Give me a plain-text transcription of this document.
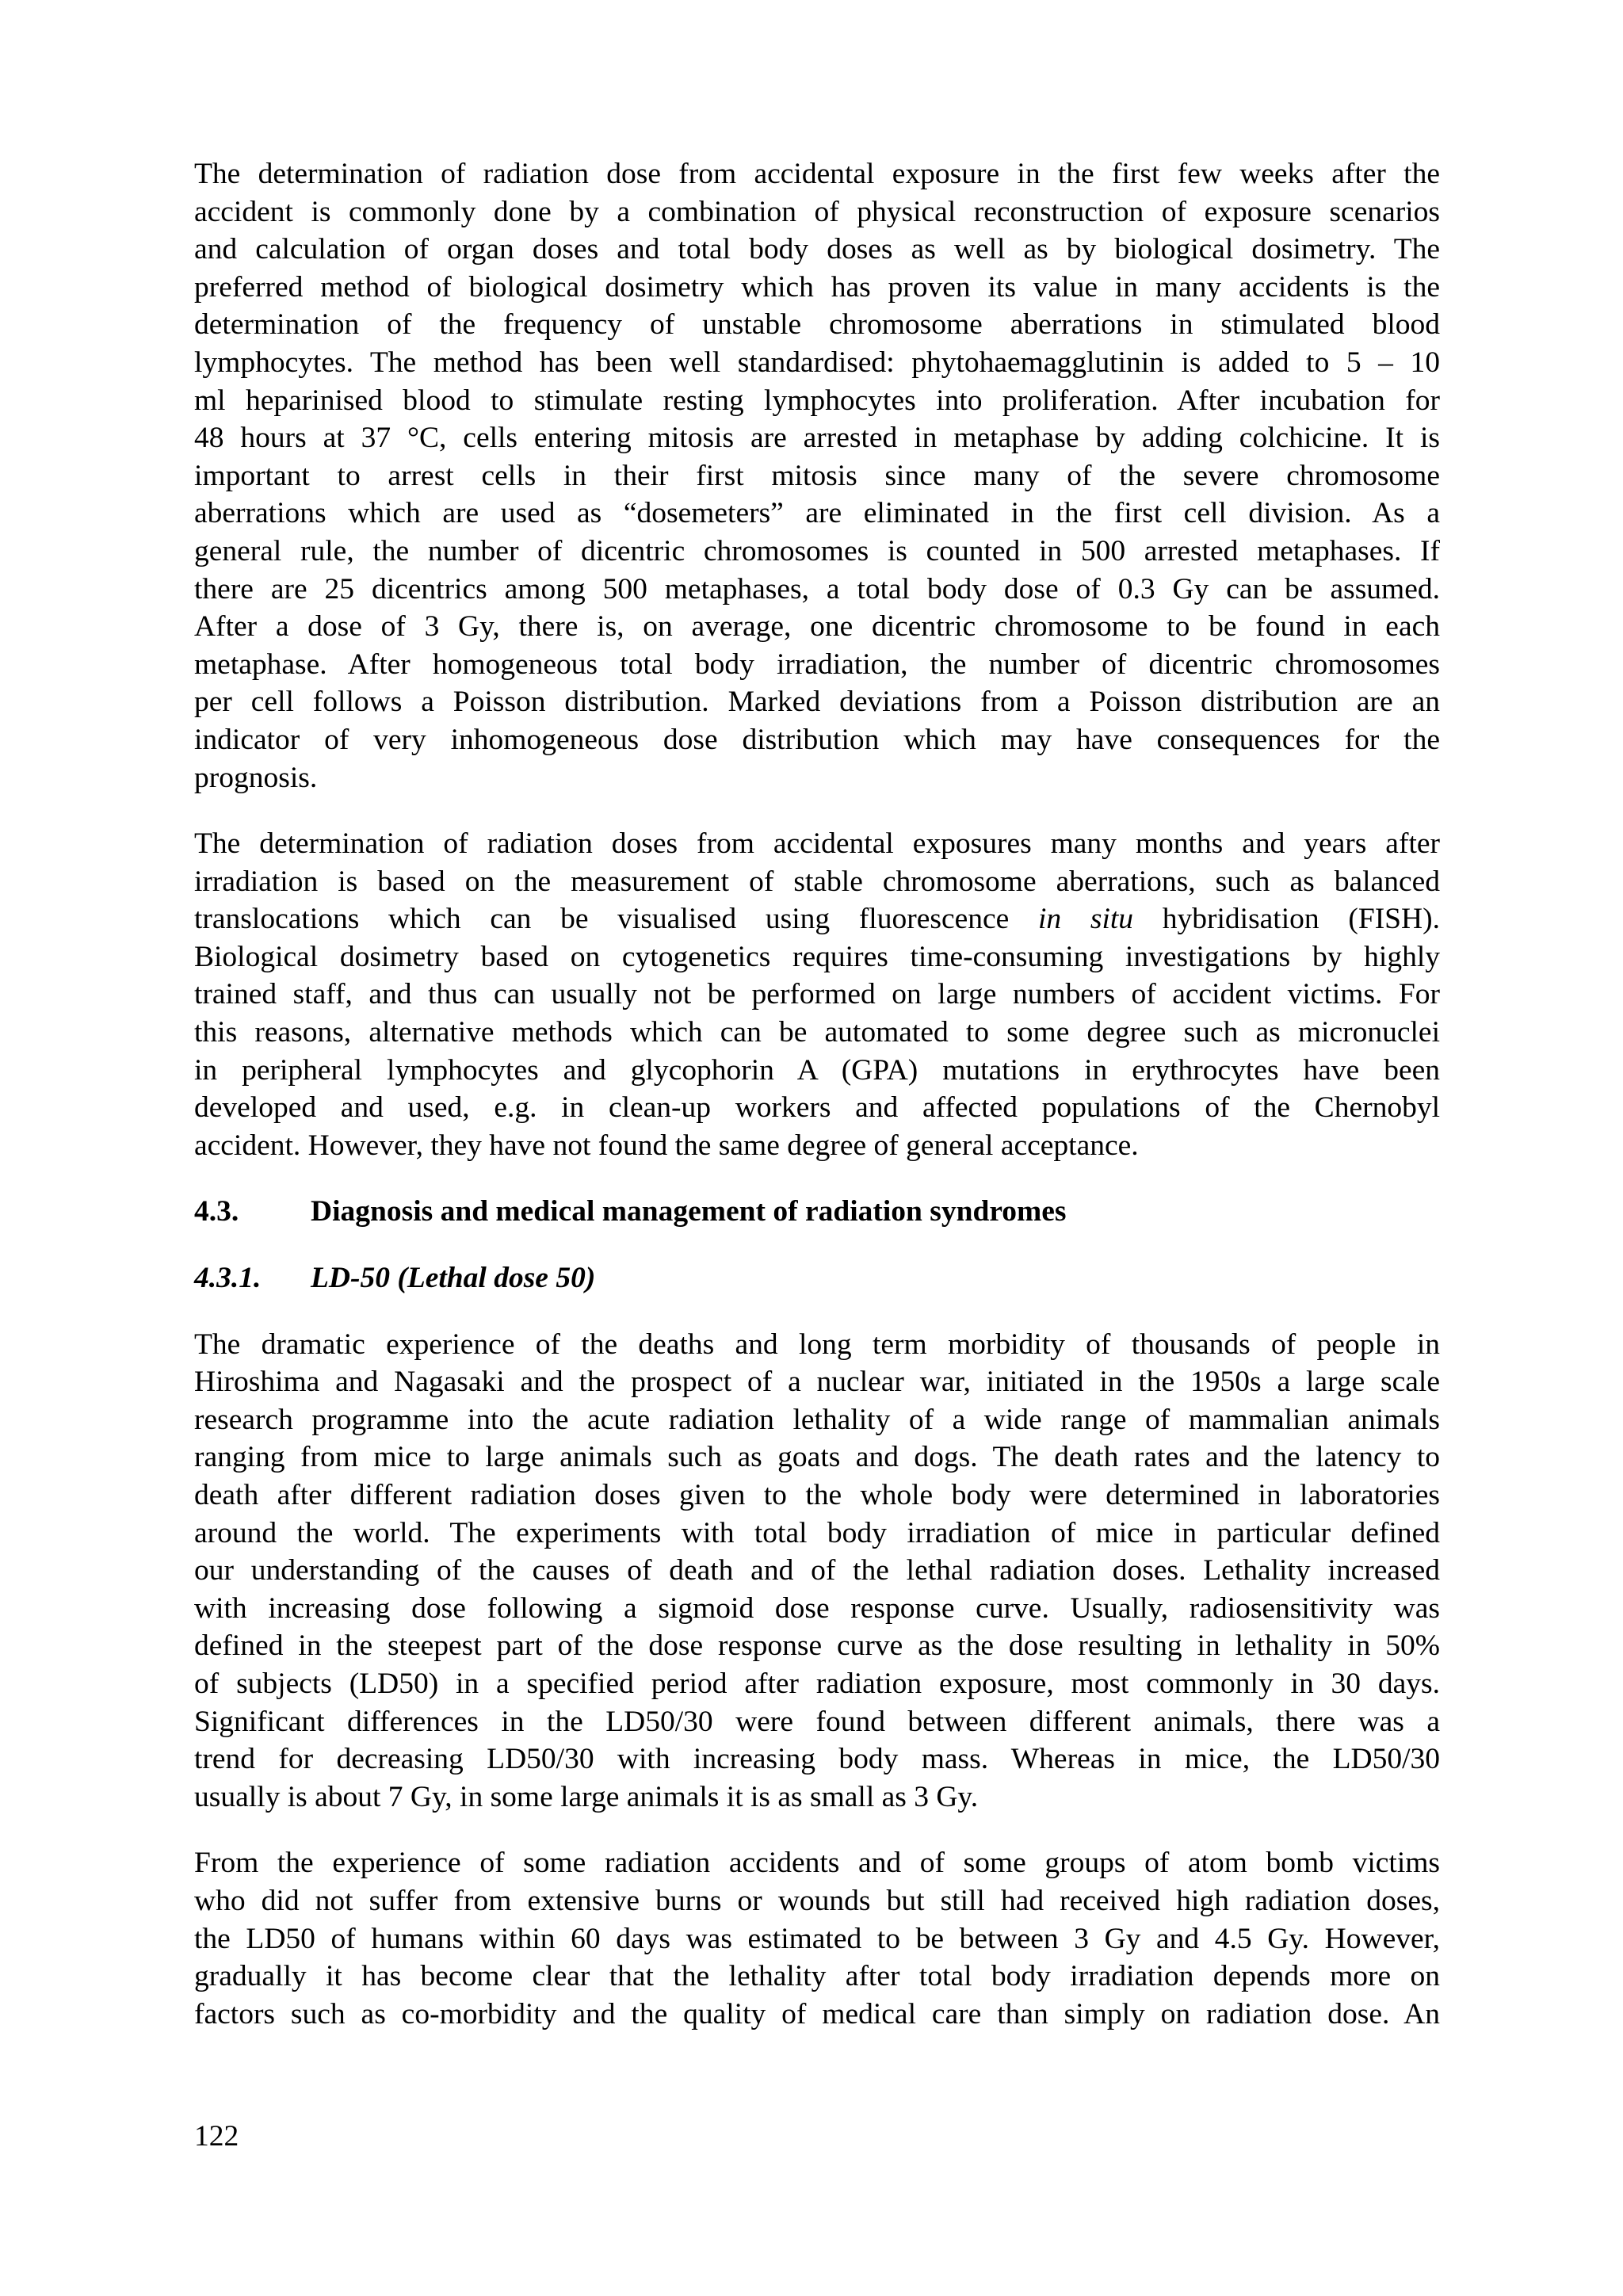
The determination of radiation dose from accidental exposure in the first few weeks after the
accident is commonly done by a combination of physical reconstruction of exposure scenarios
and calculation of organ doses and total body doses as well as by biological dosimetry. The
preferred method of biological dosimetry which has proven its value in many accidents is the
determination of the frequency of unstable chromosome aberrations in stimulated blood
lymphocytes. The method has been well standardised: phytohaemagglutinin is added to 5 – 10
ml heparinised blood to stimulate resting lymphocytes into proliferation. After incubation for
48 hours at 37 °C, cells entering mitosis are arrested in metaphase by adding colchicine. It is
important to arrest cells in their first mitosis since many of the severe chromosome
aberrations which are used as “dosemeters” are eliminated in the first cell division. As a
general rule, the number of dicentric chromosomes is counted in 500 arrested metaphases. If
there are 25 dicentrics among 500 metaphases, a total body dose of 0.3 Gy can be assumed.
After a dose of 3 Gy, there is, on average, one dicentric chromosome to be found in each
metaphase. After homogeneous total body irradiation, the number of dicentric chromosomes
per cell follows a Poisson distribution. Marked deviations from a Poisson distribution are an
indicator of very inhomogeneous dose distribution which may have consequences for the
prognosis.
The determination of radiation doses from accidental exposures many months and years after
irradiation is based on the measurement of stable chromosome aberrations, such as balanced
translocations which can be visualised using fluorescence in situ hybridisation (FISH).
Biological dosimetry based on cytogenetics requires time-consuming investigations by highly
trained staff, and thus can usually not be performed on large numbers of accident victims. For
this reasons, alternative methods which can be automated to some degree such as micronuclei
in peripheral lymphocytes and glycophorin A (GPA) mutations in erythrocytes have been
developed and used, e.g. in clean-up workers and affected populations of the Chernobyl
accident. However, they have not found the same degree of general acceptance.
4.3. Diagnosis and medical management of radiation syndromes
4.3.1. LD-50 (Lethal dose 50)
The dramatic experience of the deaths and long term morbidity of thousands of people in
Hiroshima and Nagasaki and the prospect of a nuclear war, initiated in the 1950s a large scale
research programme into the acute radiation lethality of a wide range of mammalian animals
ranging from mice to large animals such as goats and dogs. The death rates and the latency to
death after different radiation doses given to the whole body were determined in laboratories
around the world. The experiments with total body irradiation of mice in particular defined
our understanding of the causes of death and of the lethal radiation doses. Lethality increased
with increasing dose following a sigmoid dose response curve. Usually, radiosensitivity was
defined in the steepest part of the dose response curve as the dose resulting in lethality in 50%
of subjects (LD50) in a specified period after radiation exposure, most commonly in 30 days.
Significant differences in the LD50/30 were found between different animals, there was a
trend for decreasing LD50/30 with increasing body mass. Whereas in mice, the LD50/30
usually is about 7 Gy, in some large animals it is as small as 3 Gy.
From the experience of some radiation accidents and of some groups of atom bomb victims
who did not suffer from extensive burns or wounds but still had received high radiation doses,
the LD50 of humans within 60 days was estimated to be between 3 Gy and 4.5 Gy. However,
gradually it has become clear that the lethality after total body irradiation depends more on
factors such as co-morbidity and the quality of medical care than simply on radiation dose. An
122
